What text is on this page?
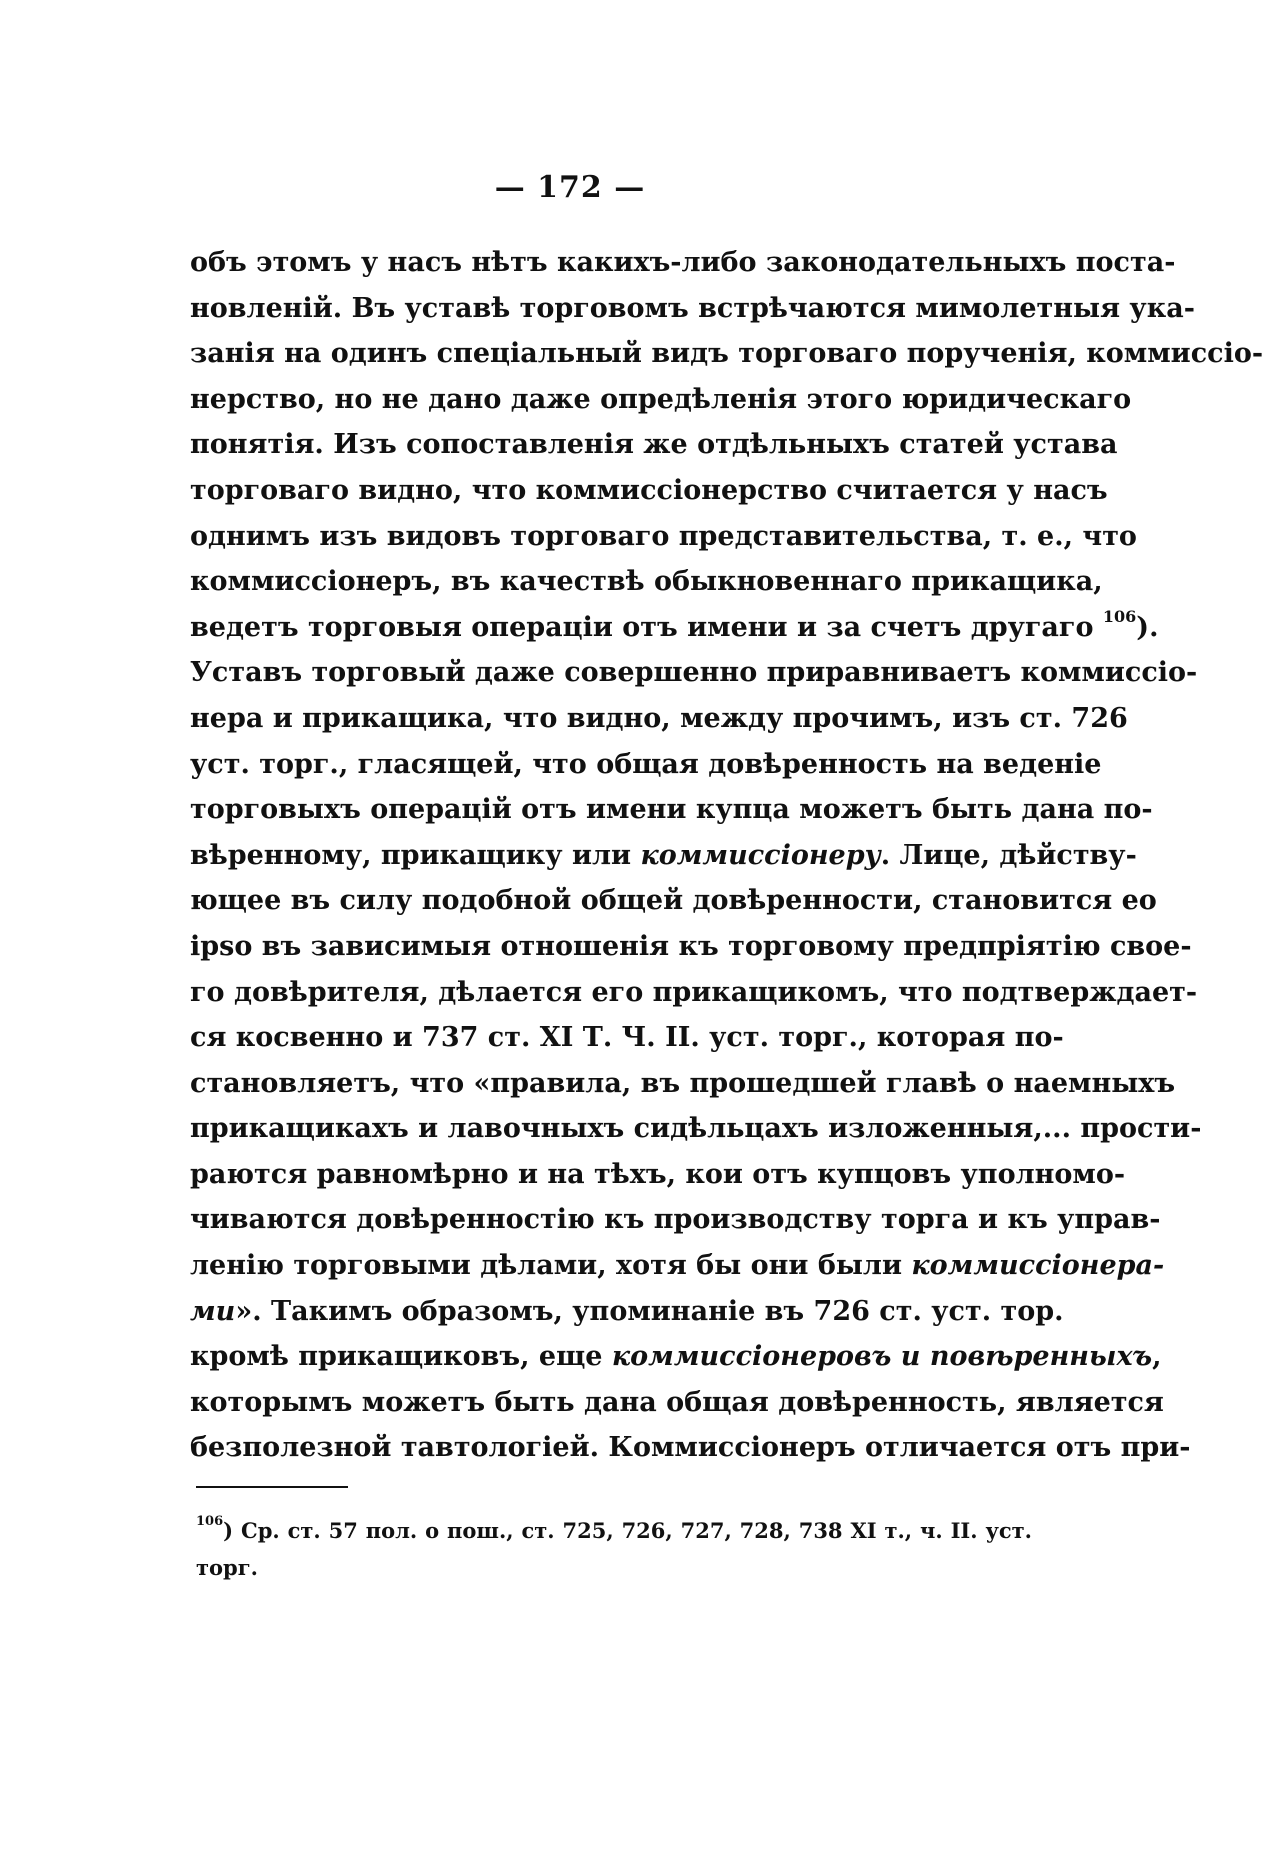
— 172 —
объ этомъ у насъ нѣтъ какихъ-либо законодательныхъ поста-
новленій. Въ уставѣ торговомъ встрѣчаются мимолетныя ука-
занія на одинъ спеціальный видъ торговаго порученія, коммиссіо-
нерство, но не дано даже опредѣленія этого юридическаго
понятія. Изъ сопоставленія же отдѣльныхъ статей устава
торговаго видно, что коммиссіонерство считается у насъ
однимъ изъ видовъ торговаго представительства, т. е., что
коммиссіонеръ, въ качествѣ обыкновеннаго прикащика,
ведетъ торговыя операціи отъ имени и за счетъ другаго $^{106}$).
Уставъ торговый даже совершенно приравниваетъ коммиссіо-
нера и прикащика, что видно, между прочимъ, изъ ст. 726
уст. торг., гласящей, что общая довѣренность на веденіе
торговыхъ операцій отъ имени купца можетъ быть дана по-
вѣренному, прикащику или коммиссіонеру. Лице, дѣйству-
ющее въ силу подобной общей довѣренности, становится eo
ipso въ зависимыя отношенія къ торговому предпріятію свое-
го довѣрителя, дѣлается его прикащикомъ, что подтверждает-
ся косвенно и 737 ст. XI Т. Ч. II. уст. торг., которая по-
становляетъ, что «правила, въ прошедшей главѣ о наемныхъ
прикащикахъ и лавочныхъ сидѣльцахъ изложенныя,... прости-
раются равномѣрно и на тѣхъ, кои отъ купцовъ уполномо-
чиваются довѣренностію къ производству торга и къ управ-
ленію торговыми дѣлами, хотя бы они были коммиссіонера-
ми». Такимъ образомъ, упоминаніе въ 726 ст. уст. тор.
кромѣ прикащиковъ, еще коммиссіонеровъ и повѣренныхъ,
которымъ можетъ быть дана общая довѣренность, является
безполезной тавтологіей. Коммиссіонеръ отличается отъ при-
$^{106}$) Ср. ст. 57 пол. о пош., ст. 725, 726, 727, 728, 738 XI т., ч. II. уст.
торг.
